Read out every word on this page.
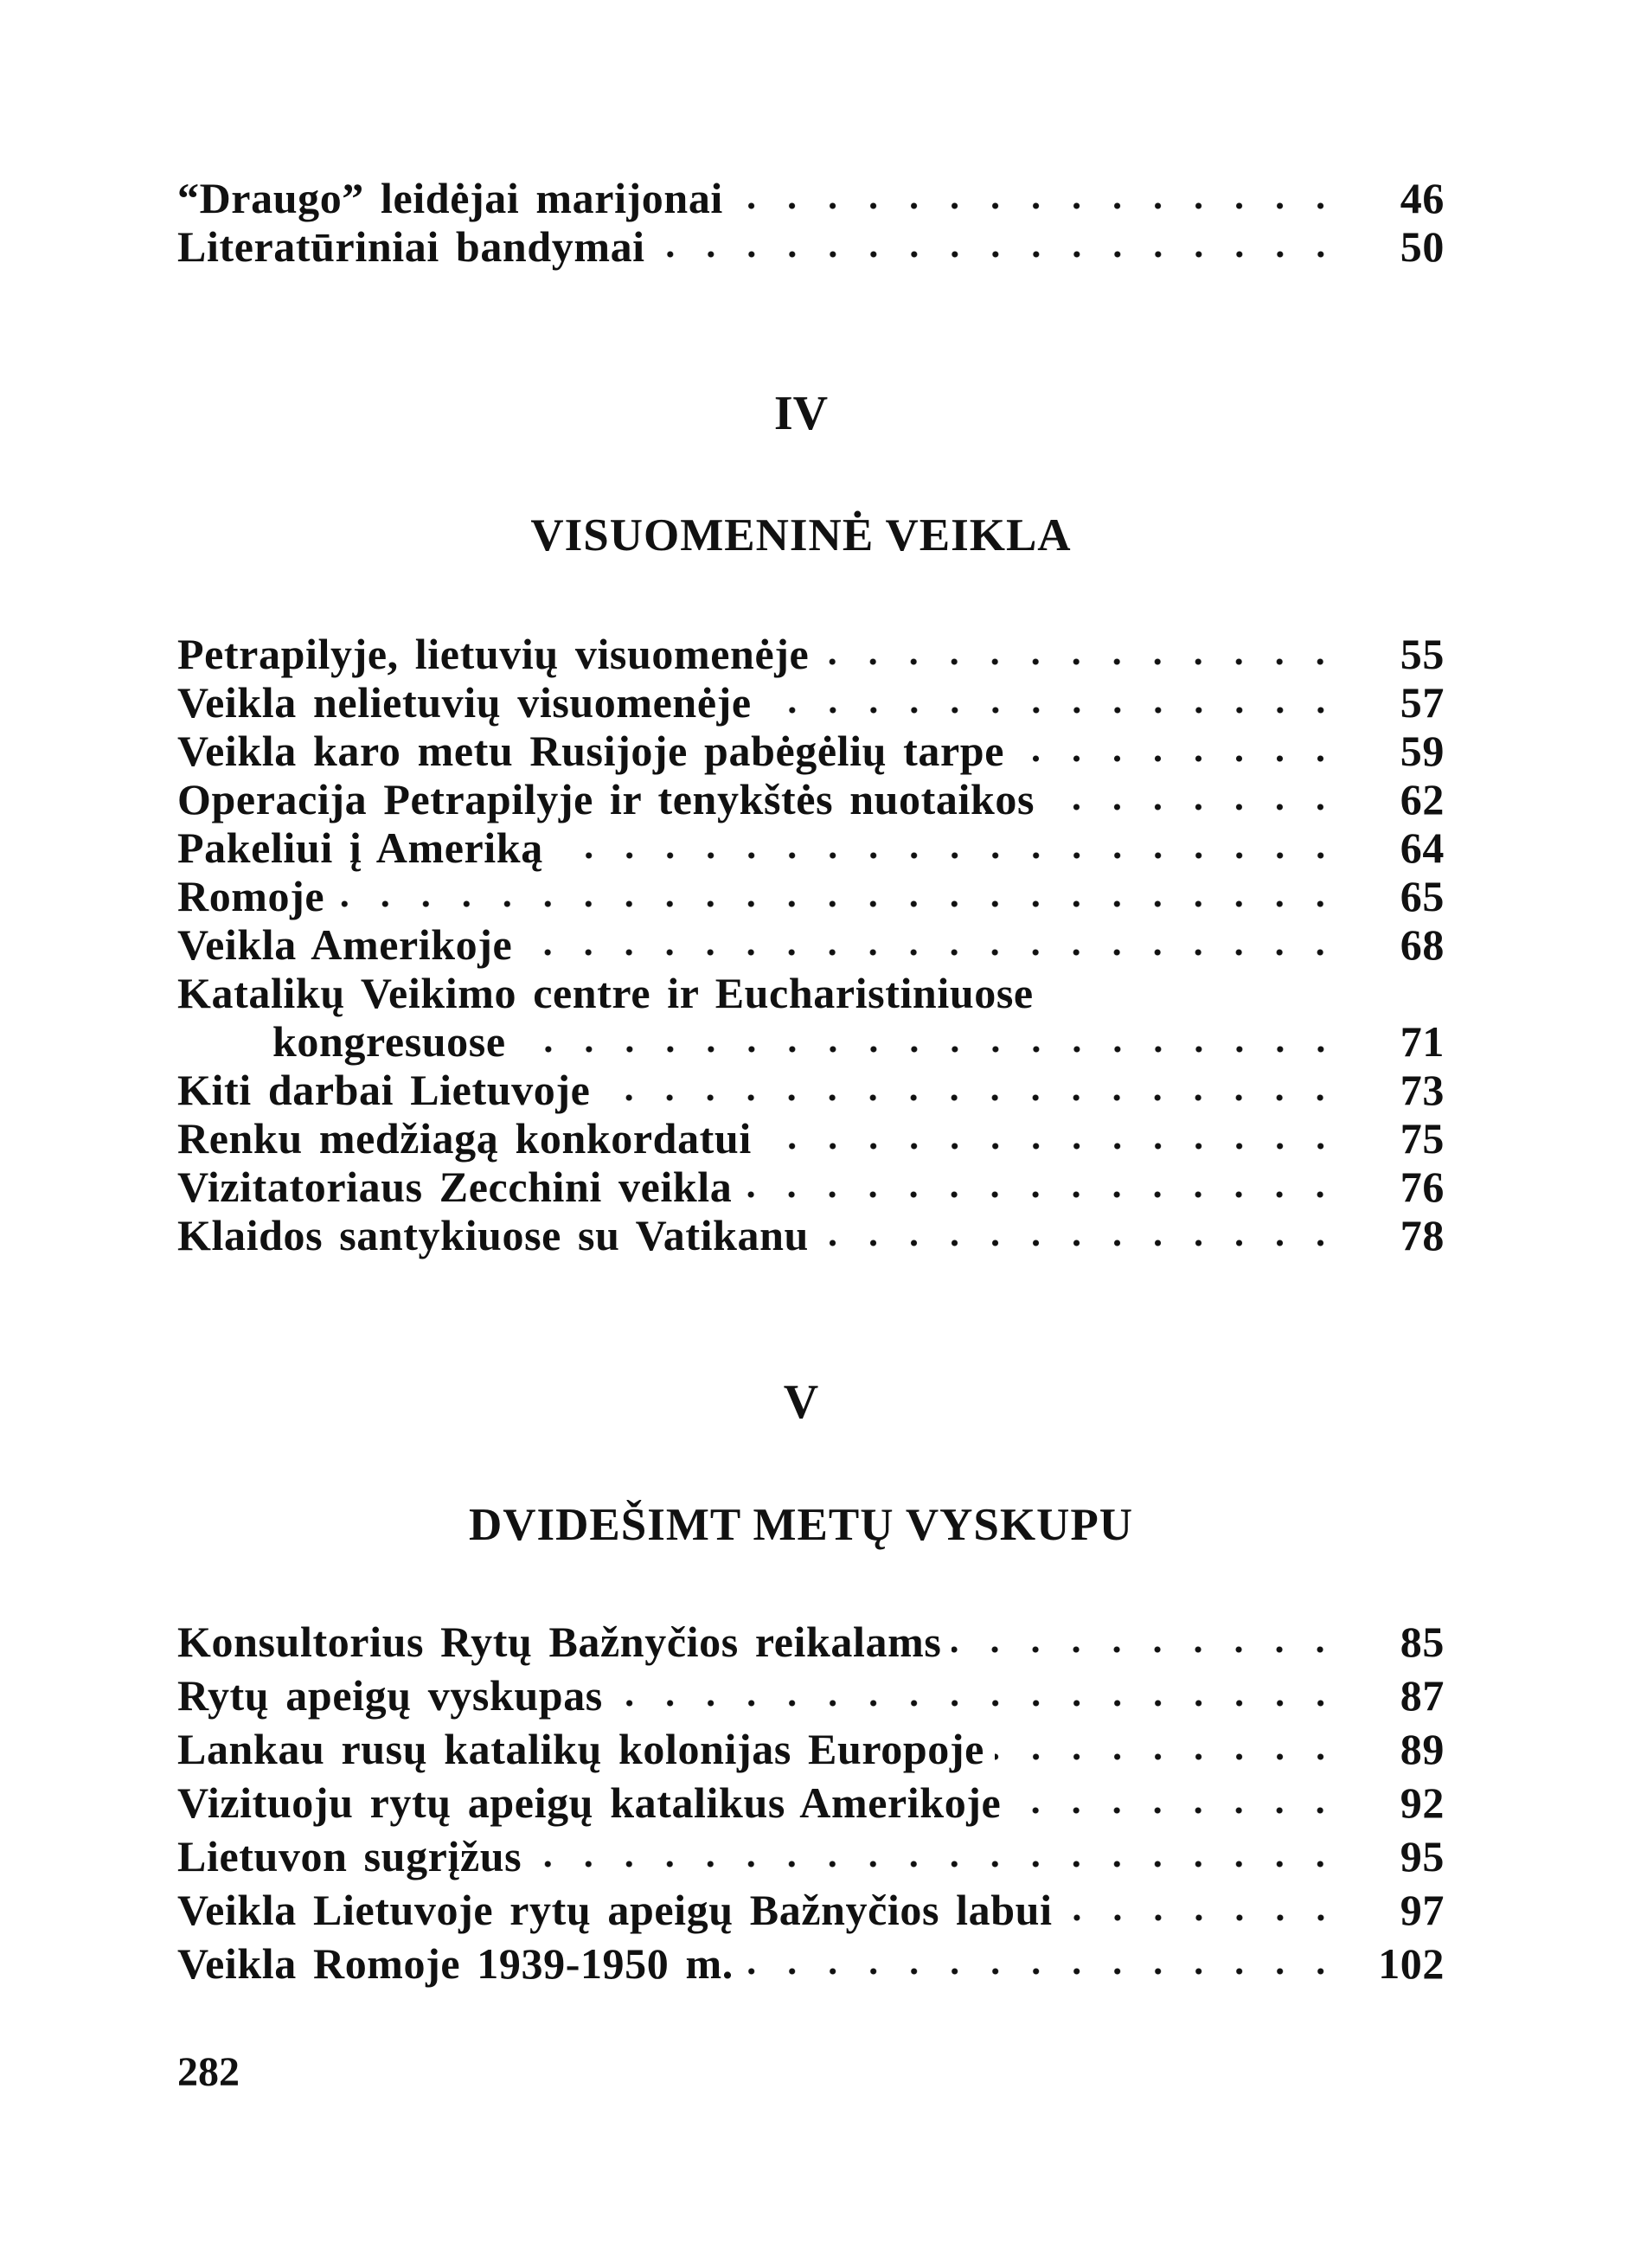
“Draugo” leidėjai marijonai	46
Literatūriniai bandymai	50
IV
VISUOMENINĖ VEIKLA
Petrapilyje, lietuvių visuomenėje	55
Veikla nelietuvių visuomenėje	57
Veikla karo metu Rusijoje pabėgėlių tarpe	59
Operacija Petrapilyje ir tenykštės nuotaikos	62
Pakeliui į Ameriką	64
Romoje	65
Veikla Amerikoje	68
Katalikų Veikimo centre ir Eucharistiniuose
kongresuose	71
Kiti darbai Lietuvoje	73
Renku medžiagą konkordatui	75
Vizitatoriaus Zecchini veikla	76
Klaidos santykiuose su Vatikanu	78
V
DVIDEŠIMT METŲ VYSKUPU
Konsultorius Rytų Bažnyčios reikalams	85
Rytų apeigų vyskupas	87
Lankau rusų katalikų kolonijas Europoje	89
Vizituoju rytų apeigų katalikus Amerikoje	92
Lietuvon sugrįžus	95
Veikla Lietuvoje rytų apeigų Bažnyčios labui	97
Veikla Romoje 1939-1950 m.	102
282
